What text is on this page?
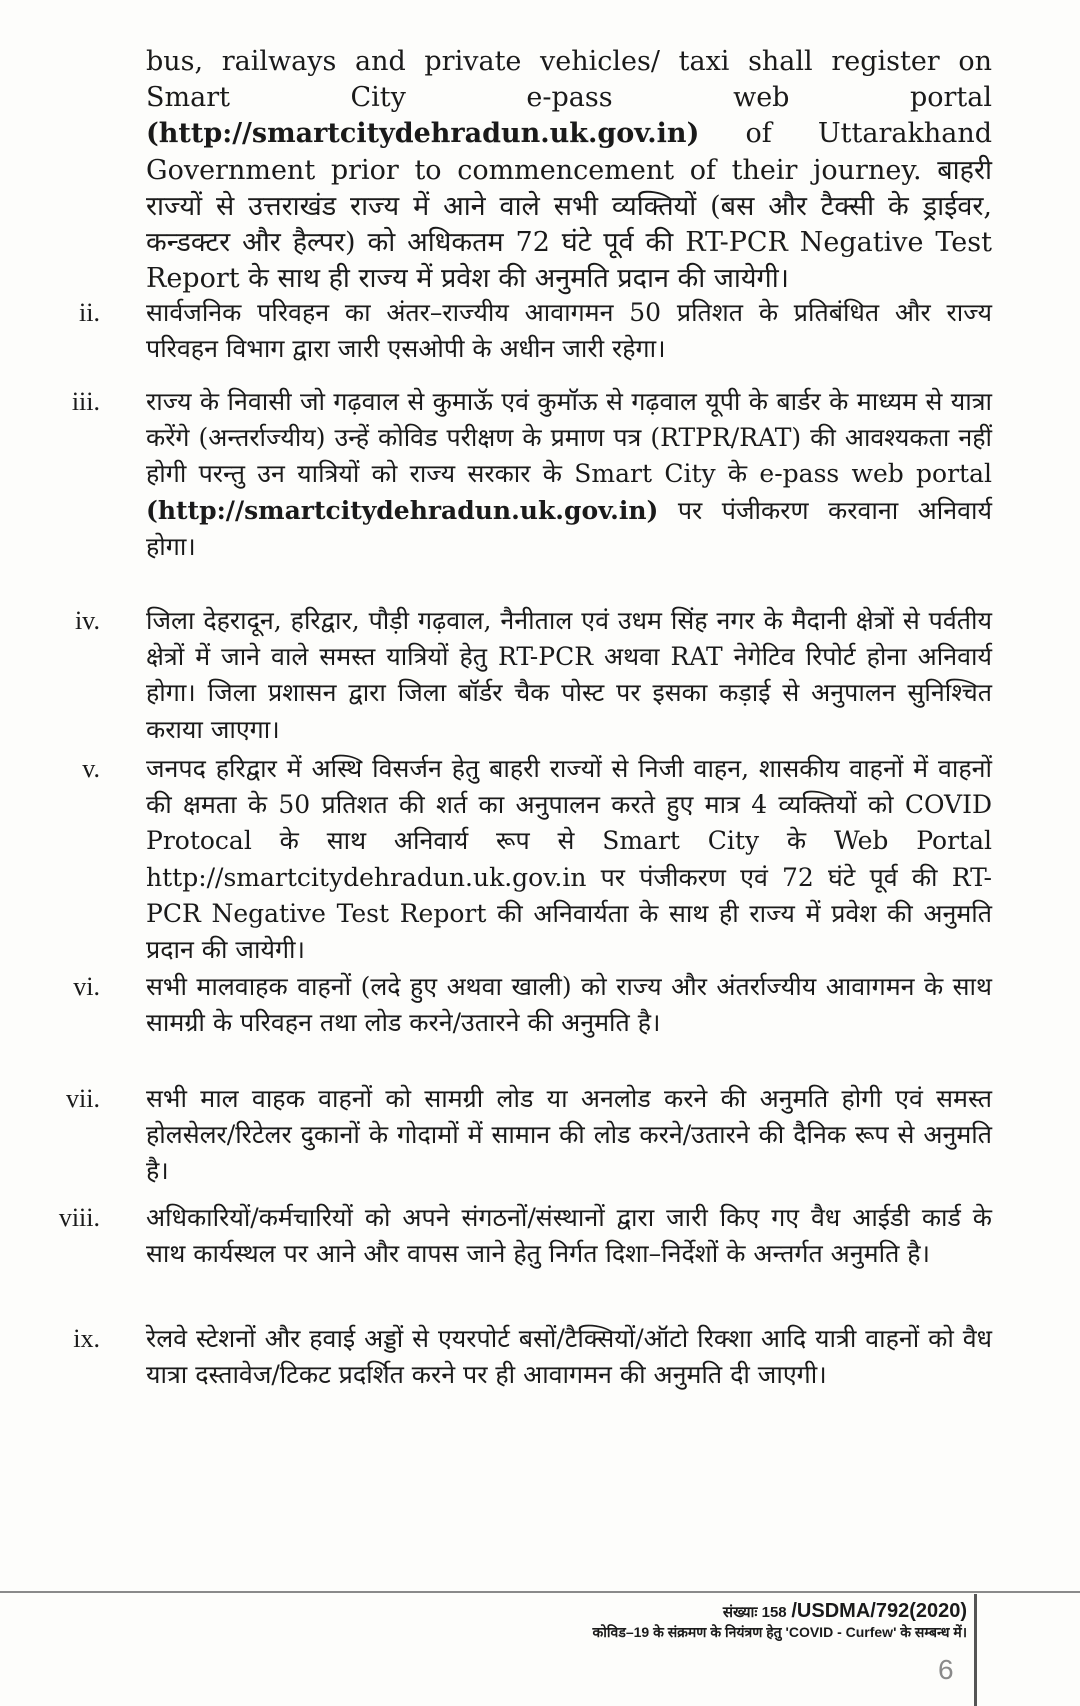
bus, railways and private vehicles/ taxi shall register on Smart City e-pass web portal (http://smartcitydehradun.uk.gov.in) of Uttarakhand Government prior to commencement of their journey. बाहरी राज्यों से उत्तराखंड राज्य में आने वाले सभी व्यक्तियों (बस और टैक्सी के ड्राईवर, कन्डक्टर और हैल्पर) को अधिकतम 72 घंटे पूर्व की RT-PCR Negative Test Report के साथ ही राज्य में प्रवेश की अनुमति प्रदान की जायेगी।
ii. सार्वजनिक परिवहन का अंतर–राज्यीय आवागमन 50 प्रतिशत के प्रतिबंधित और राज्य परिवहन विभाग द्वारा जारी एसओपी के अधीन जारी रहेगा।
iii. राज्य के निवासी जो गढ़वाल से कुमाऊॅ एवं कुमॉऊ से गढ़वाल यूपी के बार्डर के माध्यम से यात्रा करेंगे (अन्तर्राज्यीय) उन्हें कोविड परीक्षण के प्रमाण पत्र (RTPR/RAT) की आवश्यकता नहीं होगी परन्तु उन यात्रियों को राज्य सरकार के Smart City के e-pass web portal (http://smartcitydehradun.uk.gov.in) पर पंजीकरण करवाना अनिवार्य होगा।
iv. जिला देहरादून, हरिद्वार, पौड़ी गढ़वाल, नैनीताल एवं उधम सिंह नगर के मैदानी क्षेत्रों से पर्वतीय क्षेत्रों में जाने वाले समस्त यात्रियों हेतु RT-PCR अथवा RAT नेगेटिव रिपोर्ट होना अनिवार्य होगा। जिला प्रशासन द्वारा जिला बॉर्डर चैक पोस्ट पर इसका कड़ाई से अनुपालन सुनिश्चित कराया जाएगा।
v. जनपद हरिद्वार में अस्थि विसर्जन हेतु बाहरी राज्यों से निजी वाहन, शासकीय वाहनों में वाहनों की क्षमता के 50 प्रतिशत की शर्त का अनुपालन करते हुए मात्र 4 व्यक्तियों को COVID Protocal के साथ अनिवार्य रूप से Smart City के Web Portal http://smartcitydehradun.uk.gov.in पर पंजीकरण एवं 72 घंटे पूर्व की RT-PCR Negative Test Report की अनिवार्यता के साथ ही राज्य में प्रवेश की अनुमति प्रदान की जायेगी।
vi. सभी मालवाहक वाहनों (लदे हुए अथवा खाली) को राज्य और अंतर्राज्यीय आवागमन के साथ सामग्री के परिवहन तथा लोड करने/उतारने की अनुमति है।
vii. सभी माल वाहक वाहनों को सामग्री लोड या अनलोड करने की अनुमति होगी एवं समस्त होलसेलर/रिटेलर दुकानों के गोदामों में सामान की लोड करने/उतारने की दैनिक रूप से अनुमति है।
viii. अधिकारियों/कर्मचारियों को अपने संगठनों/संस्थानों द्वारा जारी किए गए वैध आईडी कार्ड के साथ कार्यस्थल पर आने और वापस जाने हेतु निर्गत दिशा–निर्देशों के अन्तर्गत अनुमति है।
ix. रेलवे स्टेशनों और हवाई अड्डों से एयरपोर्ट बसों/टैक्सियों/ऑटो रिक्शा आदि यात्री वाहनों को वैध यात्रा दस्तावेज/टिकट प्रदर्शित करने पर ही आवागमन की अनुमति दी जाएगी।
संख्याः 158 /USDMA/792(2020)
कोविड–19 के संक्रमण के नियंत्रण हेतु 'COVID - Curfew' के सम्बन्ध में।
6
